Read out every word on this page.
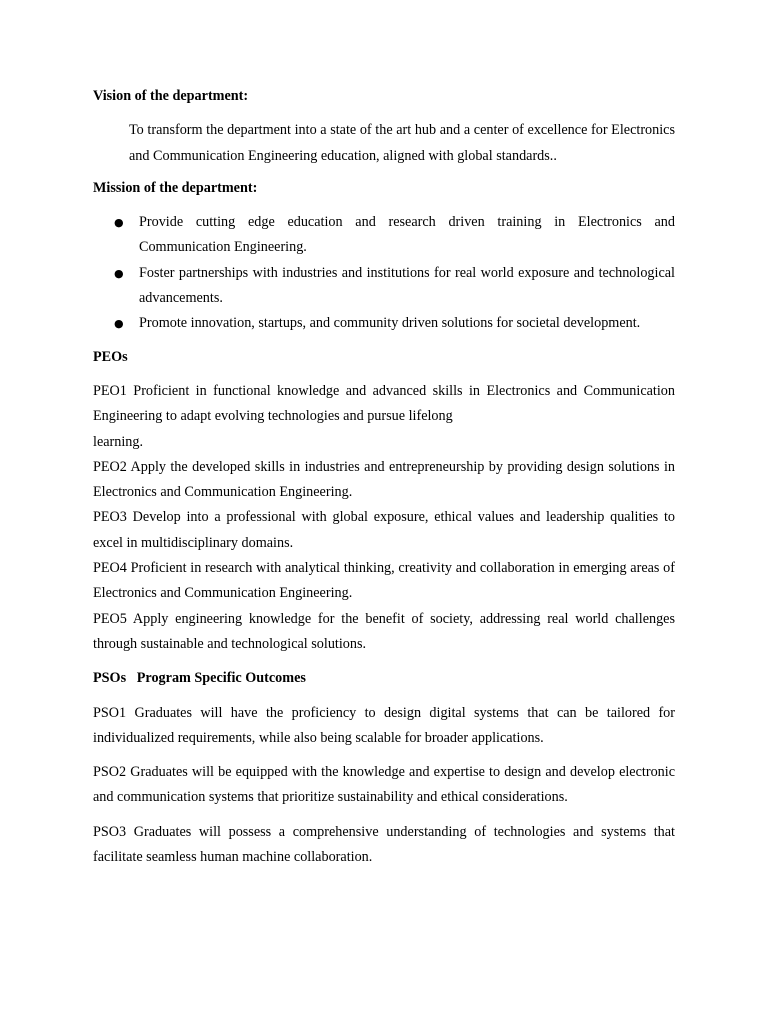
Vision of the department:

To transform the department into a state of the art hub and a center of excellence for Electronics and Communication Engineering education, aligned with global standards..

Mission of the department:

● Provide cutting edge education and research driven training in Electronics and Communication Engineering.
● Foster partnerships with industries and institutions for real world exposure and technological advancements.
● Promote innovation, startups, and community driven solutions for societal development.

PEOs

PEO1 Proficient in functional knowledge and advanced skills in Electronics and Communication Engineering to adapt evolving technologies and pursue lifelong
learning.

PEO2 Apply the developed skills in industries and entrepreneurship by providing design solutions in Electronics and Communication Engineering.

PEO3 Develop into a professional with global exposure, ethical values and leadership qualities to excel in multidisciplinary domains.

PEO4 Proficient in research with analytical thinking, creativity and collaboration in emerging areas of Electronics and Communication Engineering.

PEO5 Apply engineering knowledge for the benefit of society, addressing real world challenges through sustainable and technological solutions.

PSOs   Program Specific Outcomes

PSO1 Graduates will have the proficiency to design digital systems that can be tailored for individualized requirements, while also being scalable for broader applications.

PSO2 Graduates will be equipped with the knowledge and expertise to design and develop electronic and communication systems that prioritize sustainability and ethical considerations.

PSO3 Graduates will possess a comprehensive understanding of technologies and systems that facilitate seamless human machine collaboration.
